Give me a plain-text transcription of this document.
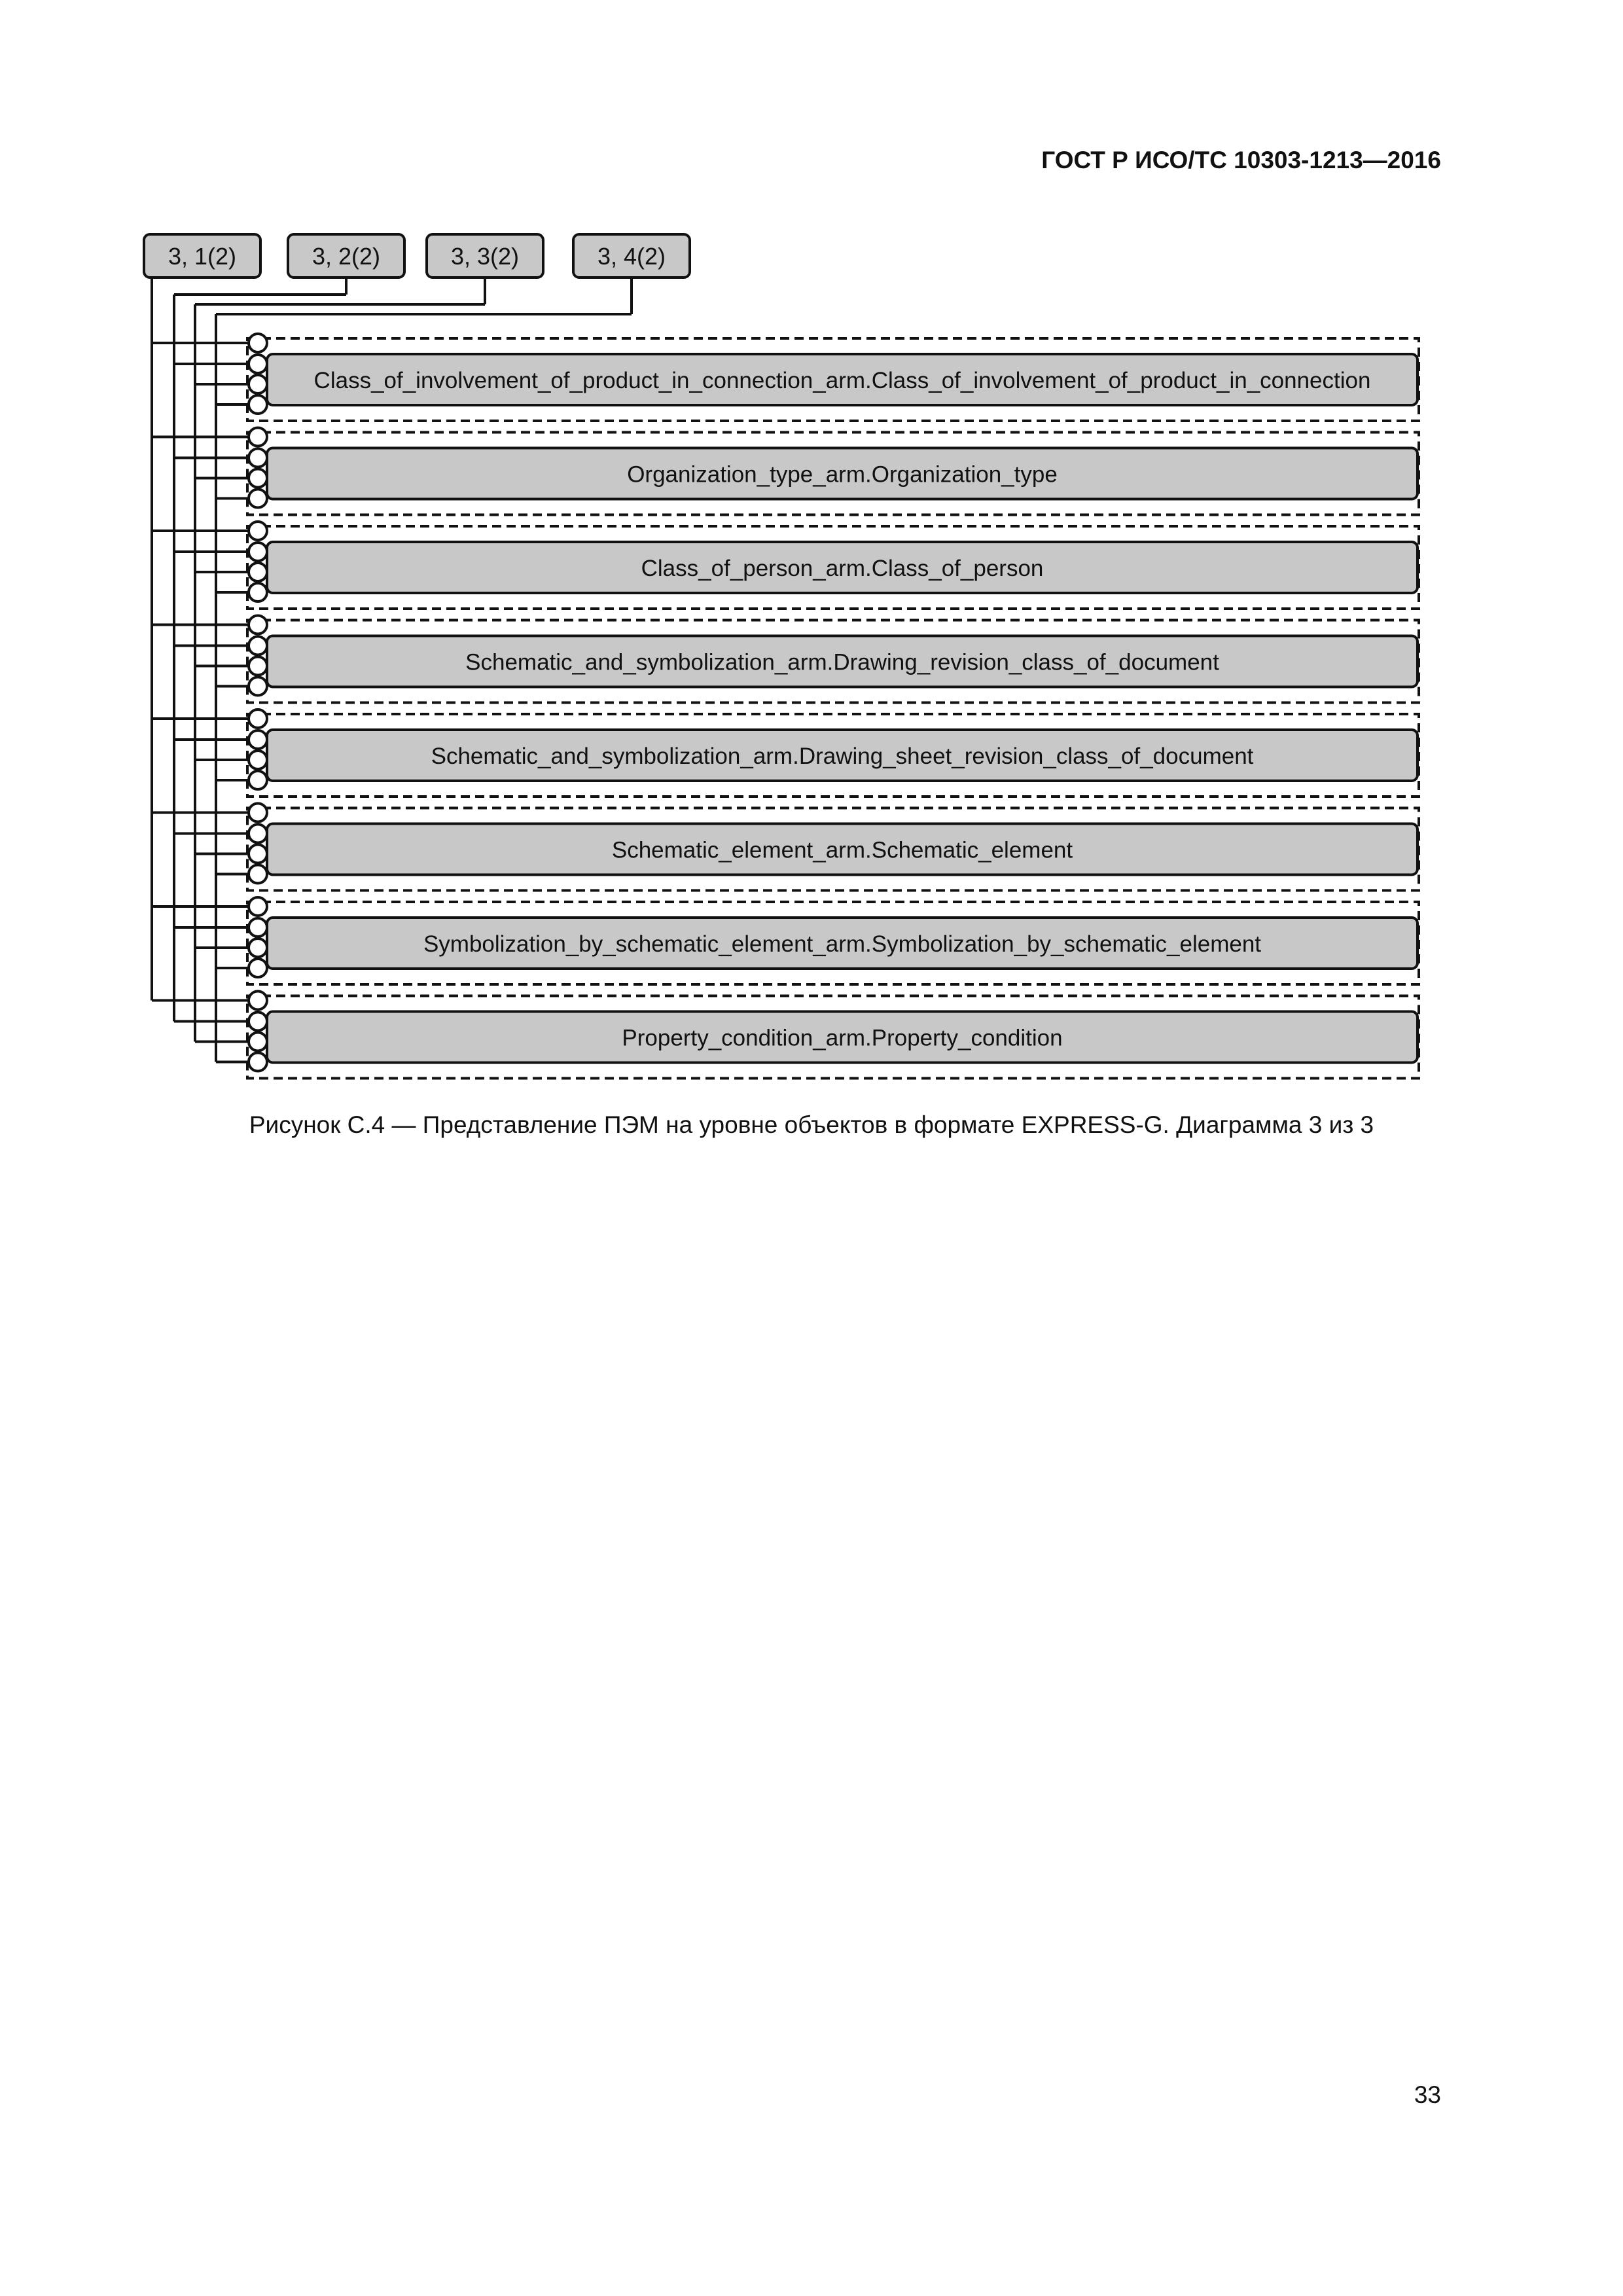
ГОСТ Р ИСО/ТС 10303-1213—2016
3, 1(2)	3, 2(2)	3, 3(2)	3, 4(2)
Class_of_involvement_of_product_in_connection_arm.Class_of_involvement_of_product_in_connection
Organization_type_arm.Organization_type
Class_of_person_arm.Class_of_person
Schematic_and_symbolization_arm.Drawing_revision_class_of_document
Schematic_and_symbolization_arm.Drawing_sheet_revision_class_of_document
Schematic_element_arm.Schematic_element
Symbolization_by_schematic_element_arm.Symbolization_by_schematic_element
Property_condition_arm.Property_condition
Рисунок С.4 — Представление ПЭМ на уровне объектов в формате EXPRESS-G. Диаграмма 3 из 3
33
